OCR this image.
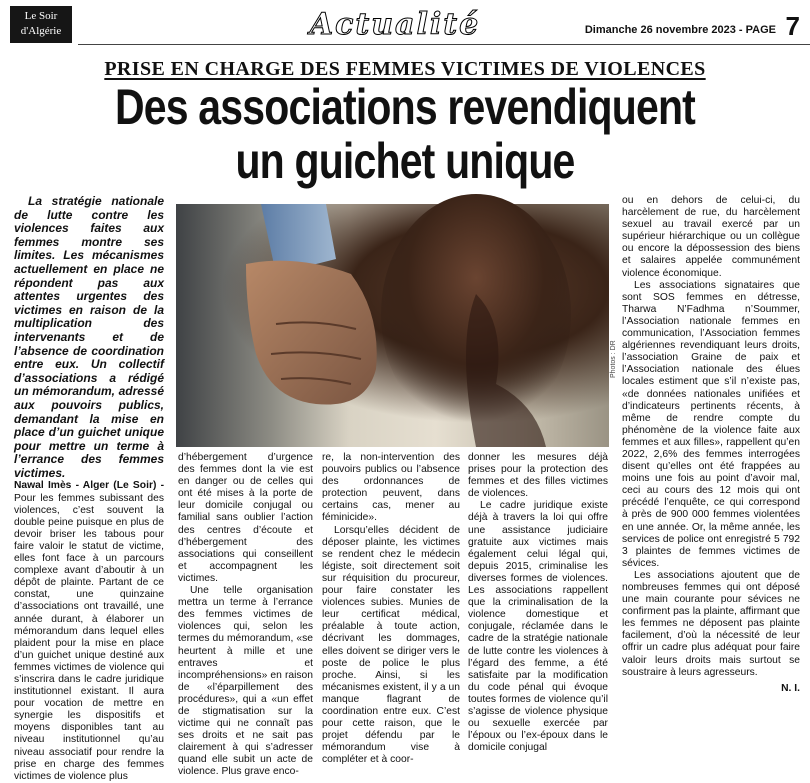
Le Soir
d'Algérie	Actualité	Dimanche 26 novembre 2023 - PAGE 7
PRISE EN CHARGE DES FEMMES VICTIMES DE VIOLENCES
Des associations revendiquent
un guichet unique

La stratégie nationale de lutte contre les violences faites aux femmes montre ses limites. Les mécanismes actuellement en place ne répondent pas aux attentes urgentes des victimes en raison de la multiplication des intervenants et de l’absence de coordination entre eux. Un collectif d’associations a rédigé un mémorandum, adressé aux pouvoirs publics, demandant la mise en place d’un guichet unique pour mettre un terme à l’errance des femmes victimes.

Nawal Imès - Alger (Le Soir) - Pour les femmes subissant des violences, c’est souvent la double peine puisque en plus de devoir briser les tabous pour faire valoir le statut de victime, elles font face à un parcours complexe avant d’aboutir à un dépôt de plainte. Partant de ce constat, une quinzaine d’associations ont travaillé, une année durant, à élaborer un mémorandum dans lequel elles plaident pour la mise en place d’un guichet unique destiné aux femmes victimes de violence qui s’inscrira dans le cadre juridique institutionnel existant. Il aura pour vocation de mettre en synergie les dispositifs et moyens disponibles tant au niveau institutionnel qu’au niveau associatif pour rendre la prise en charge des femmes victimes de violence plus

Photos : DR

d’hébergement d’urgence des femmes dont la vie est en danger ou de celles qui ont été mises à la porte de leur domicile conjugal ou familial sans oublier l’action des centres d’écoute et d’hébergement des associations qui conseillent et accompagnent les victimes.

Une telle organisation mettra un terme à l’errance des femmes victimes de violences qui, selon les termes du mémorandum, «se heurtent à mille et une entraves et incompréhensions» en raison de «l’éparpillement des procédures», qui a «un effet de stigmatisation sur la victime qui ne connaît pas ses droits et ne sait pas clairement à qui s’adresser quand elle subit un acte de violence. Plus grave enco-

re, la non-intervention des pouvoirs publics ou l’absence des ordonnances de protection peuvent, dans certains cas, mener au féminicide».

Lorsqu’elles décident de déposer plainte, les victimes se rendent chez le médecin légiste, soit directement soit sur réquisition du procureur, pour faire constater les violences subies. Munies de leur certificat médical, préalable à toute action, décrivant les dommages, elles doivent se diriger vers le poste de police le plus proche. Ainsi, si les mécanismes existent, il y a un manque flagrant de coordination entre eux. C’est pour cette raison, que le projet défendu par le mémorandum vise à compléter et à coor-

donner les mesures déjà prises pour la protection des femmes et des filles victimes de violences.

Le cadre juridique existe déjà à travers la loi qui offre une assistance judiciaire gratuite aux victimes mais également celui légal qui, depuis 2015, criminalise les diverses formes de violences. Les associations rappellent que la criminalisation de la violence domestique et conjugale, réclamée dans le cadre de la stratégie nationale de lutte contre les violences à l’égard des femme, a été satisfaite par la modification du code pénal qui évoque toutes formes de violence qu’il s’agisse de violence physique ou sexuelle exercée par l’époux ou l’ex-époux dans le domicile conjugal

ou en dehors de celui-ci, du harcèlement de rue, du harcèlement sexuel au travail exercé par un supérieur hiérarchique ou un collègue ou encore la dépossession des biens et salaires appelée communément violence économique.

Les associations signataires que sont SOS femmes en détresse, Tharwa N’Fadhma n’Soummer, l’Association nationale femmes en communication, l’Association femmes algériennes revendiquant leurs droits, l’association Graine de paix et l’Association nationale des élues locales estiment que s’il n’existe pas, «de données nationales unifiées et d’indicateurs pertinents récents, à même de rendre compte du phénomène de la violence faite aux femmes et aux filles», rappellent qu’en 2022, 2,6% des femmes interrogées disent qu’elles ont été frappées au moins une fois au point d’avoir mal, ceci au cours des 12 mois qui ont précédé l’enquête, ce qui correspond à près de 900 000 femmes violentées en une année. Or, la même année, les services de police ont enregistré 5 792 3 plaintes de femmes victimes de sévices.

Les associations ajoutent que de nombreuses femmes qui ont déposé une main courante pour sévices ne confirment pas la plainte, affirmant que les femmes ne déposent pas plainte facilement, d’où la nécessité de leur offrir un cadre plus adéquat pour faire valoir leurs droits mais surtout se soustraire à leurs agresseurs.

N. I.
